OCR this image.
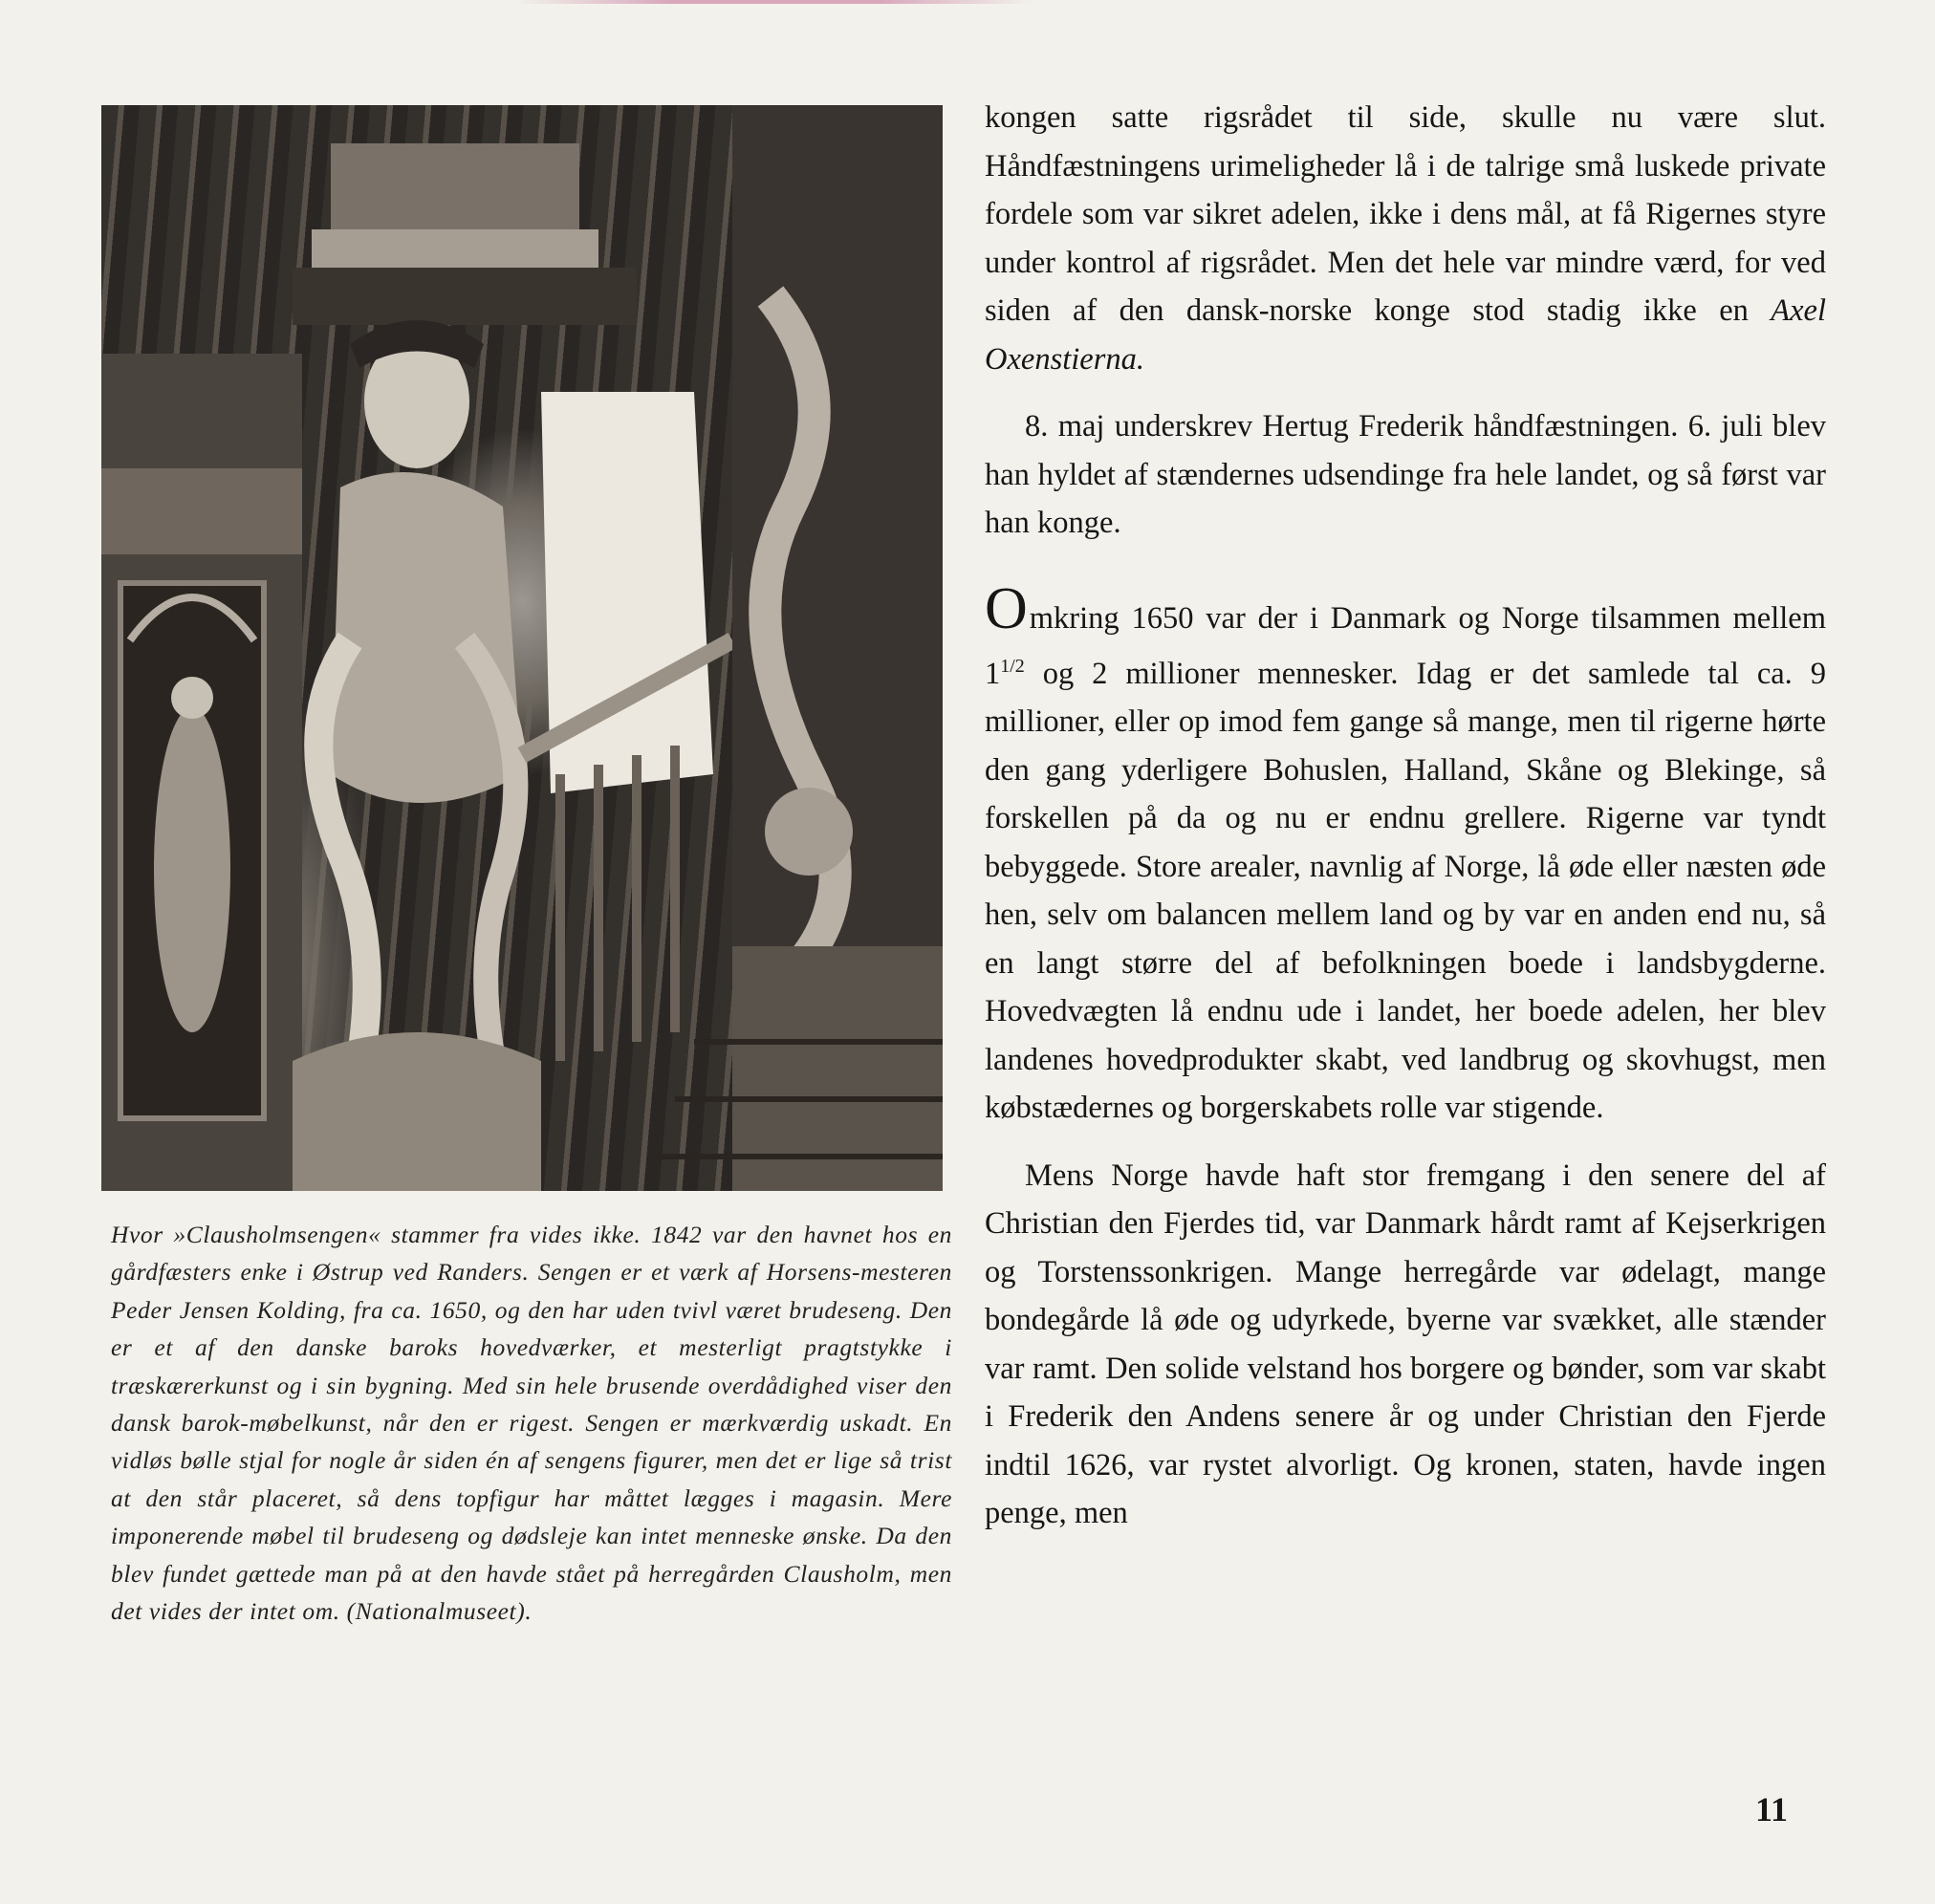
Hvor »Clausholmsengen« stammer fra vides ikke. 1842 var den havnet hos en gårdfæsters enke i Østrup ved Randers. Sengen er et værk af Horsens-mesteren Peder Jensen Kolding, fra ca. 1650, og den har uden tvivl været brudeseng. Den er et af den danske baroks hovedværker, et mesterligt pragtstykke i træskærerkunst og i sin bygning. Med sin hele brusende overdådighed viser den dansk barok-møbelkunst, når den er rigest. Sengen er mærkværdig uskadt. En vidløs bølle stjal for nogle år siden én af sengens figurer, men det er lige så trist at den står placeret, så dens topfigur har måttet lægges i magasin. Mere imponerende møbel til brudeseng og dødsleje kan intet menneske ønske. Da den blev fundet gættede man på at den havde stået på herregården Clausholm, men det vides der intet om. (Nationalmuseet).

kongen satte rigsrådet til side, skulle nu være slut. Håndfæstningens urimeligheder lå i de talrige små luskede private fordele som var sikret adelen, ikke i dens mål, at få Rigernes styre under kontrol af rigsrådet. Men det hele var mindre værd, for ved siden af den dansk-norske konge stod stadig ikke en Axel Oxenstierna.

8. maj underskrev Hertug Frederik håndfæstningen. 6. juli blev han hyldet af stændernes udsendinge fra hele landet, og så først var han konge.

Omkring 1650 var der i Danmark og Norge tilsammen mellem $1^{1/2}$ og 2 millioner mennesker. Idag er det samlede tal ca. 9 millioner, eller op imod fem gange så mange, men til rigerne hørte den gang yderligere Bohuslen, Halland, Skåne og Blekinge, så forskellen på da og nu er endnu grellere. Rigerne var tyndt bebyggede. Store arealer, navnlig af Norge, lå øde eller næsten øde hen, selv om balancen mellem land og by var en anden end nu, så en langt større del af befolkningen boede i landsbygderne. Hovedvægten lå endnu ude i landet, her boede adelen, her blev landenes hovedprodukter skabt, ved landbrug og skovhugst, men købstædernes og borgerskabets rolle var stigende.

Mens Norge havde haft stor fremgang i den senere del af Christian den Fjerdes tid, var Danmark hårdt ramt af Kejserkrigen og Torstenssonkrigen. Mange herregårde var ødelagt, mange bondegårde lå øde og udyrkede, byerne var svækket, alle stænder var ramt. Den solide velstand hos borgere og bønder, som var skabt i Frederik den Andens senere år og under Christian den Fjerde indtil 1626, var rystet alvorligt. Og kronen, staten, havde ingen penge, men

11
